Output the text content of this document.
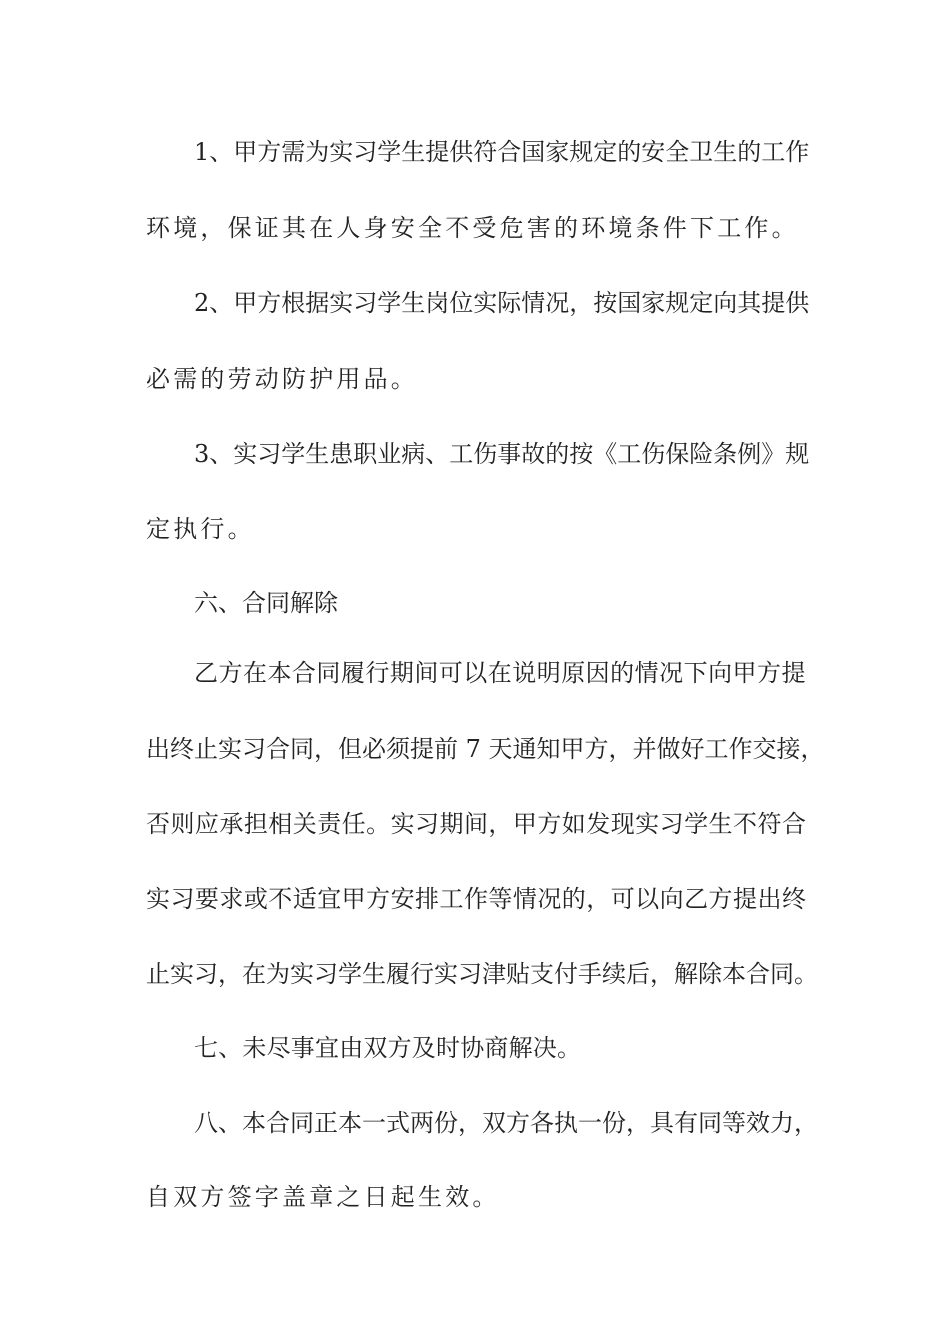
1、甲方需为实习学生提供符合国家规定的安全卫生的工作

环境，保证其在人身安全不受危害的环境条件下工作。

2、甲方根据实习学生岗位实际情况，按国家规定向其提供

必需的劳动防护用品。

3、实习学生患职业病、工伤事故的按《工伤保险条例》规

定执行。

六、合同解除

乙方在本合同履行期间可以在说明原因的情况下向甲方提

出终止实习合同，但必须提前 7 天通知甲方，并做好工作交接，

否则应承担相关责任。实习期间，甲方如发现实习学生不符合

实习要求或不适宜甲方安排工作等情况的，可以向乙方提出终

止实习，在为实习学生履行实习津贴支付手续后，解除本合同。

七、未尽事宜由双方及时协商解决。

八、本合同正本一式两份，双方各执一份，具有同等效力，

自双方签字盖章之日起生效。
